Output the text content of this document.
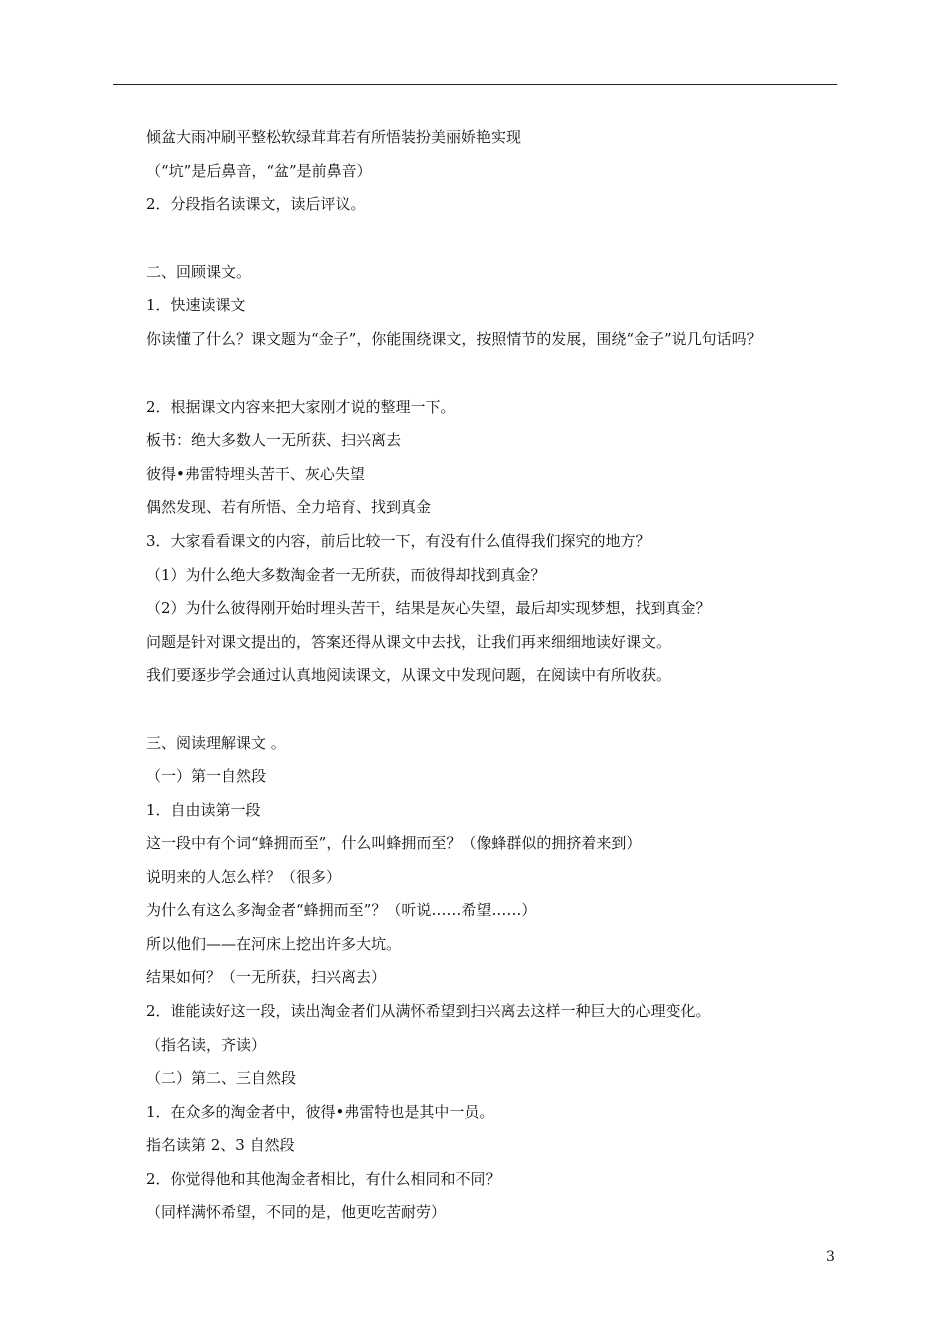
倾盆大雨冲刷平整松软绿茸茸若有所悟装扮美丽娇艳实现
（“坑”是后鼻音，“盆”是前鼻音）
2．分段指名读课文，读后评议。
二、回顾课文。
1．快速读课文
你读懂了什么？课文题为“金子”，你能围绕课文，按照情节的发展，围绕“金子”说几句话吗？
2．根据课文内容来把大家刚才说的整理一下。
板书：绝大多数人一无所获、扫兴离去
彼得•弗雷特埋头苦干、灰心失望
偶然发现、若有所悟、全力培育、找到真金
3．大家看看课文的内容，前后比较一下，有没有什么值得我们探究的地方？
（1）为什么绝大多数淘金者一无所获，而彼得却找到真金？
（2）为什么彼得刚开始时埋头苦干，结果是灰心失望，最后却实现梦想，找到真金？
问题是针对课文提出的，答案还得从课文中去找，让我们再来细细地读好课文。
我们要逐步学会通过认真地阅读课文，从课文中发现问题，在阅读中有所收获。
三、阅读理解课文 。
（一）第一自然段
1．自由读第一段
这一段中有个词“蜂拥而至”，什么叫蜂拥而至？（像蜂群似的拥挤着来到）
说明来的人怎么样？（很多）
为什么有这么多淘金者“蜂拥而至”？（听说……希望……）
所以他们——在河床上挖出许多大坑。
结果如何？（一无所获，扫兴离去）
2．谁能读好这一段，读出淘金者们从满怀希望到扫兴离去这样一种巨大的心理变化。
（指名读，齐读）
（二）第二、三自然段
1．在众多的淘金者中，彼得•弗雷特也是其中一员。
指名读第 2、3 自然段
2．你觉得他和其他淘金者相比，有什么相同和不同？
（同样满怀希望，不同的是，他更吃苦耐劳）
3
